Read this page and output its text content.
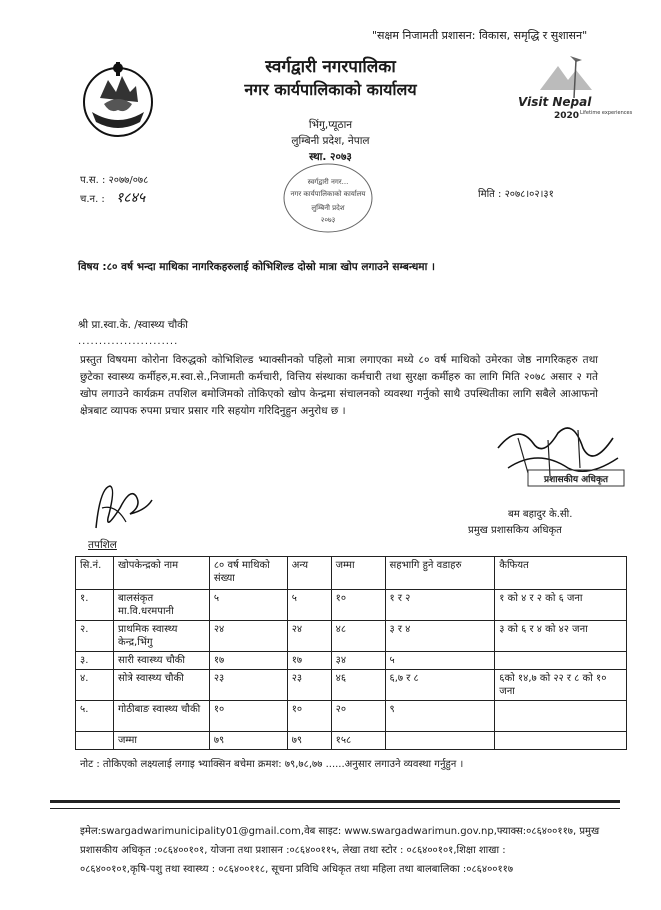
"सक्षम निजामती प्रशासन: विकास, समृद्धि र सुशासन"
स्वर्गद्वारी नगरपालिका
नगर कार्यपालिकाको कार्यालय
भिंगु,प्यूठान
लुम्बिनी प्रदेश, नेपाल
स्था. २०७३
Visit Nepal
2020 Lifetime experiences
स्वर्गद्वारी नगर...
नगर कार्यपालिकाको कार्यालय
लुम्बिनी प्रदेश
२०७३
प.स. : २०७७/०७८
च.न. : १८४५	मिति : २०७८।०२।३१
विषय :८० वर्ष भन्दा माथिका नागरिकहरुलाई कोभिशिल्ड दोस्रो मात्रा खोप लगाउने सम्बन्धमा ।
श्री प्रा.स्वा.के. /स्वास्थ्य चौकी
........................
प्रस्तुत विषयमा कोरोना विरुद्धको कोभिशिल्ड भ्याक्सीनको पहिलो मात्रा लगाएका मध्ये ८० वर्ष माथिको उमेरका जेष्ठ नागरिकहरु तथा छुटेका स्वास्थ्य कर्मीहरु,म.स्वा.से.,निजामती कर्मचारी, वित्तिय संस्थाका कर्मचारी तथा सुरक्षा कर्मीहरु का लागि मिति २०७८ असार २ गते खोप लगाउने कार्यक्रम तपशिल बमोजिमको तोकिएको खोप केन्द्रमा संचालनको व्यवस्था गर्नुको साथै उपस्थितीका लागि सबैले आआफनो क्षेत्रबाट व्यापक रुपमा प्रचार प्रसार गरि सहयोग गरिदिनुहुन अनुरोध छ ।
प्रशासकीय अधिकृत
बम बहादुर के.सी.
प्रमुख प्रशासकिय अधिकृत
तपशिल
सि.नं.	खोपकेन्द्रको नाम	८० वर्ष माथिको संख्या	अन्य	जम्मा	सहभागि हुने वडाहरु	कैफियत
१.	बालसंकृत मा.वि.धरमपानी	५	५	१०	१ र २	१ को ४ र २ को ६ जना
२.	प्राथमिक स्वास्थ्य केन्द्र,भिंगु	२४	२४	४८	३ र ४	३ को ६ र ४ को ४२ जना
३.	सारी स्वास्थ्य चौकी	१७	१७	३४	५	
४.	सोत्रे स्वास्थ्य चौकी	२३	२३	४६	६,७ र ८	६को १४,७ को २२ र ८ को १० जना
५.	गोठीबाङ स्वास्थ्य चौकी	१०	१०	२०	९	
	जम्मा	७९	७९	१५८		
नोट : तोकिएको लक्ष्यलाई लगाइ भ्याक्सिन बचेमा क्रमश: ७९,७८,७७ ......अनुसार लगाउने व्यवस्था गर्नुहुन ।
इमेल:swargadwarimunicipality01@gmail.com,वेब साइट: www.swargadwarimun.gov.np,फ्याक्स:०८६४००११७, प्रमुख
प्रशासकीय अधिकृत :०८६४००१०१, योजना तथा प्रशासन :०८६४००११५, लेखा तथा स्टोर : ०८६४००१०१,शिक्षा शाखा :
०८६४००१०१,कृषि-पशु तथा स्वास्थ्य : ०८६४००११८, सूचना प्रविधि अधिकृत तथा महिला तथा बालबालिका :०८६४००११७
